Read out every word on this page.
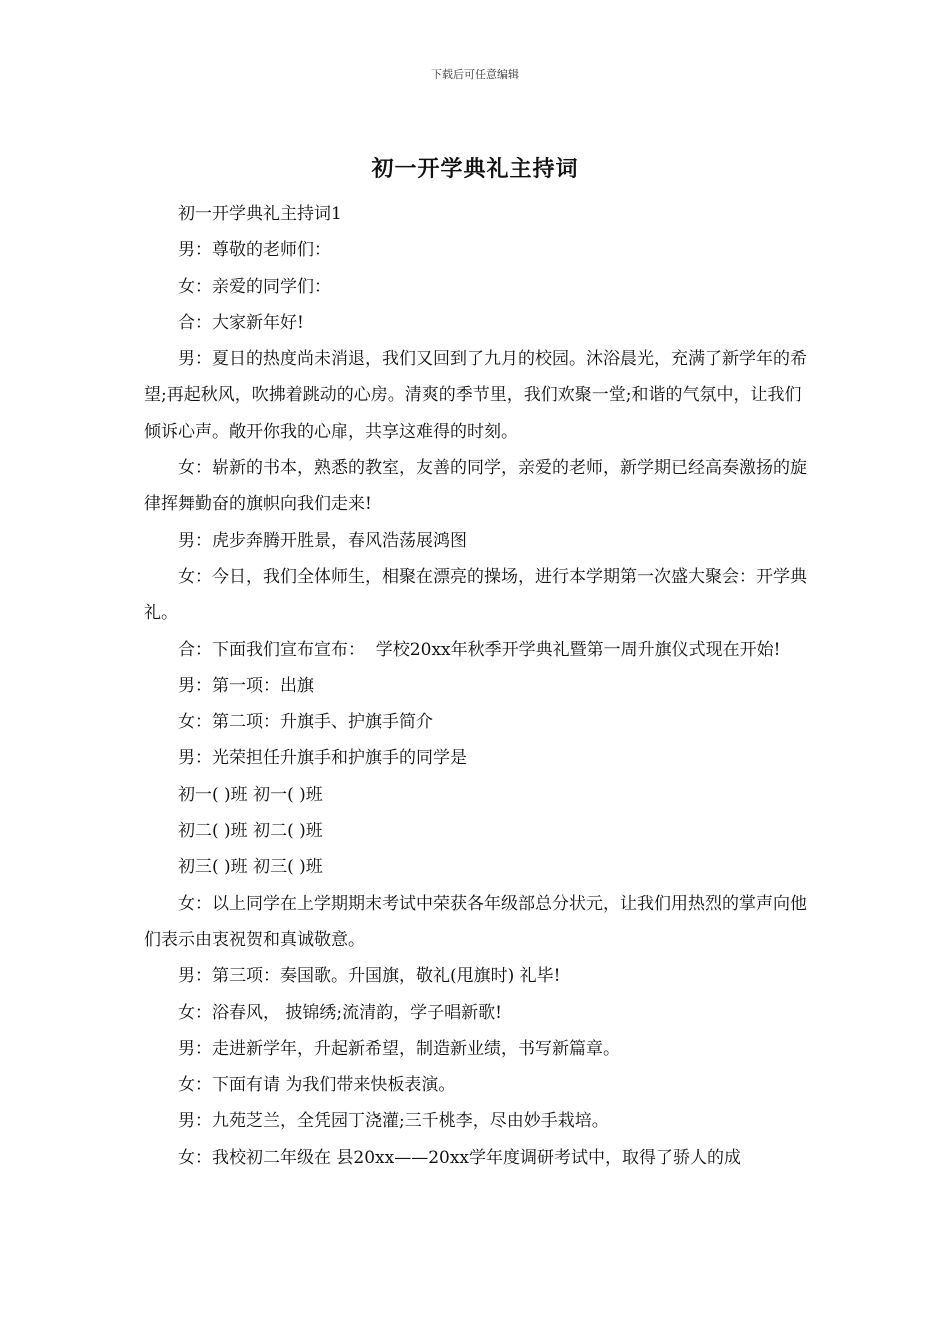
下载后可任意编辑
初一开学典礼主持词

初一开学典礼主持词1

男：尊敬的老师们：

女：亲爱的同学们：

合：大家新年好!

男：夏日的热度尚未消退，我们又回到了九月的校园。沐浴晨光，充满了新学年的希望;再起秋风，吹拂着跳动的心房。清爽的季节里，我们欢聚一堂;和谐的气氛中，让我们倾诉心声。敞开你我的心扉，共享这难得的时刻。

女：崭新的书本，熟悉的教室，友善的同学，亲爱的老师，新学期已经高奏激扬的旋律挥舞勤奋的旗帜向我们走来!

男：虎步奔腾开胜景，春风浩荡展鸿图

女：今日，我们全体师生，相聚在漂亮的操场，进行本学期第一次盛大聚会：开学典礼。

合：下面我们宣布宣布：  学校20xx年秋季开学典礼暨第一周升旗仪式现在开始!

男：第一项：出旗

女：第二项：升旗手、护旗手简介

男：光荣担任升旗手和护旗手的同学是

初一( )班 初一( )班

初二( )班 初二( )班

初三( )班 初三( )班

女：以上同学在上学期期末考试中荣获各年级部总分状元，让我们用热烈的掌声向他们表示由衷祝贺和真诚敬意。

男：第三项：奏国歌。升国旗，敬礼(甩旗时) 礼毕!

女：浴春风， 披锦绣;流清韵，学子唱新歌!

男：走进新学年，升起新希望，制造新业绩，书写新篇章。

女：下面有请 为我们带来快板表演。

男：九苑芝兰，全凭园丁浇灌;三千桃李，尽由妙手栽培。

女：我校初二年级在 县20xx——20xx学年度调研考试中，取得了骄人的成
